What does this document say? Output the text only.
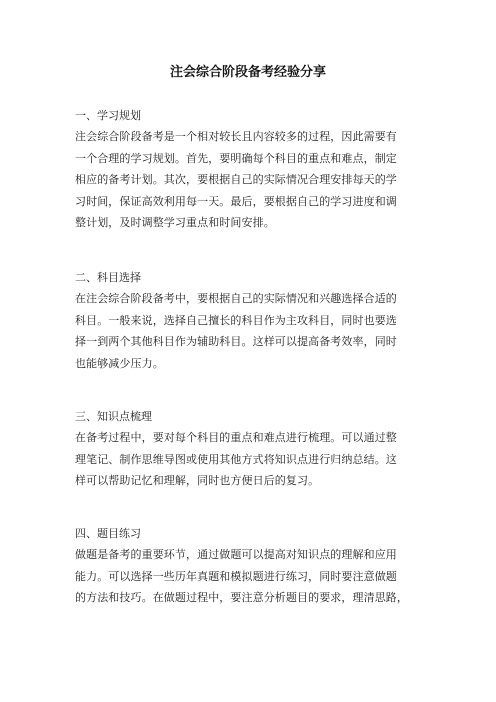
注会综合阶段备考经验分享
一、学习规划
注会综合阶段备考是一个相对较长且内容较多的过程，因此需要有
一个合理的学习规划。首先，要明确每个科目的重点和难点，制定
相应的备考计划。其次，要根据自己的实际情况合理安排每天的学
习时间，保证高效利用每一天。最后，要根据自己的学习进度和调
整计划，及时调整学习重点和时间安排。
二、科目选择
在注会综合阶段备考中，要根据自己的实际情况和兴趣选择合适的
科目。一般来说，选择自己擅长的科目作为主攻科目，同时也要选
择一到两个其他科目作为辅助科目。这样可以提高备考效率，同时
也能够减少压力。
三、知识点梳理
在备考过程中，要对每个科目的重点和难点进行梳理。可以通过整
理笔记、制作思维导图或使用其他方式将知识点进行归纳总结。这
样可以帮助记忆和理解，同时也方便日后的复习。
四、题目练习
做题是备考的重要环节，通过做题可以提高对知识点的理解和应用
能力。可以选择一些历年真题和模拟题进行练习，同时要注意做题
的方法和技巧。在做题过程中，要注意分析题目的要求，理清思路，
